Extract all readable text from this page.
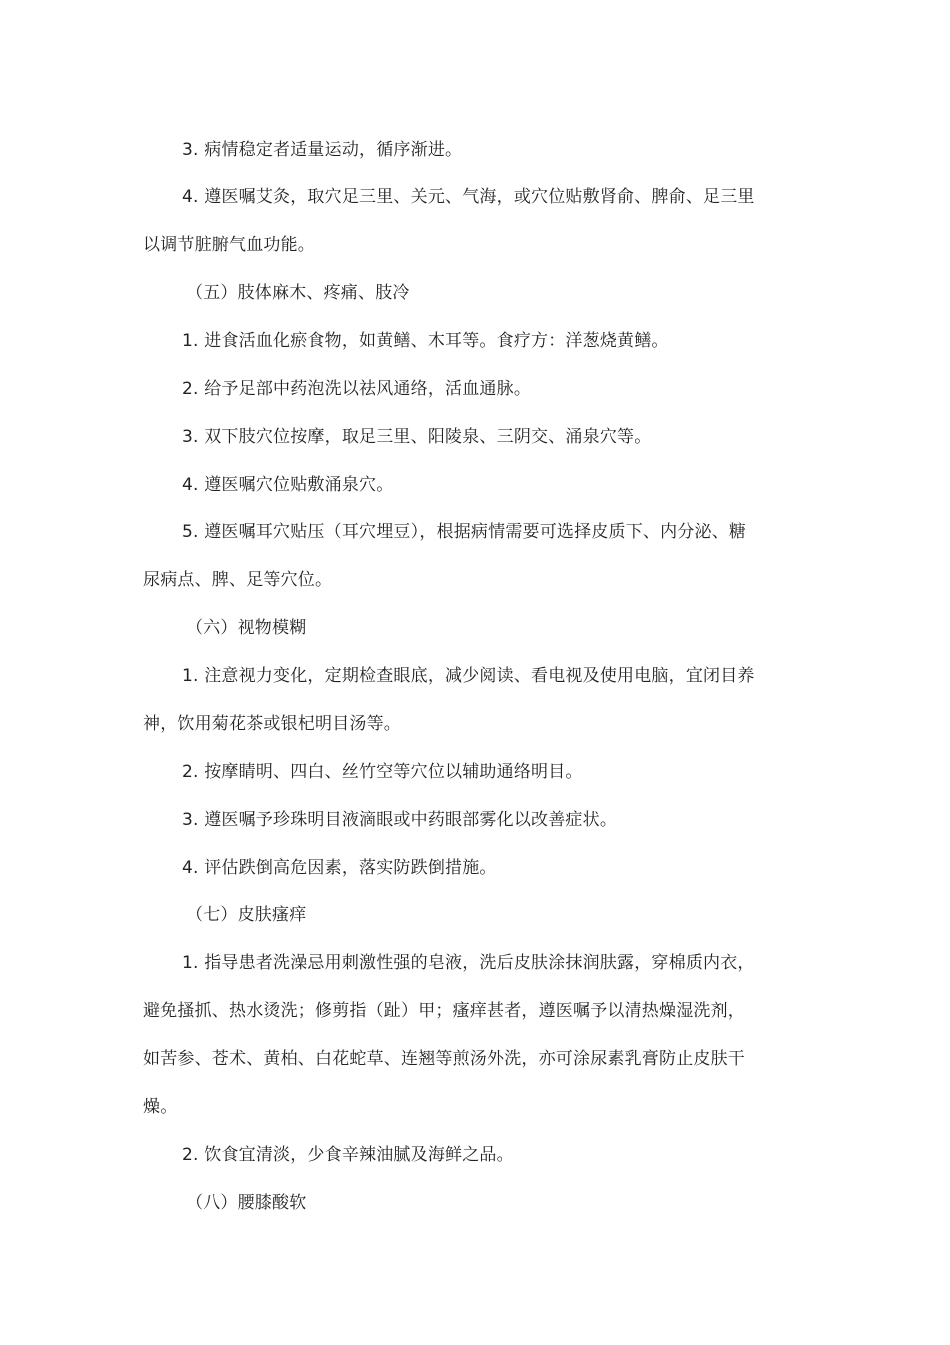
3. 病情稳定者适量运动，循序渐进。
4. 遵医嘱艾灸，取穴足三里、关元、气海，或穴位贴敷肾俞、脾俞、足三里
以调节脏腑气血功能。
（五）肢体麻木、疼痛、肢冷
1. 进食活血化瘀食物，如黄鳝、木耳等。食疗方：洋葱烧黄鳝。
2. 给予足部中药泡洗以祛风通络，活血通脉。
3. 双下肢穴位按摩，取足三里、阳陵泉、三阴交、涌泉穴等。
4. 遵医嘱穴位贴敷涌泉穴。
5. 遵医嘱耳穴贴压（耳穴埋豆），根据病情需要可选择皮质下、内分泌、糖
尿病点、脾、足等穴位。
（六）视物模糊
1. 注意视力变化，定期检查眼底，减少阅读、看电视及使用电脑，宜闭目养
神，饮用菊花茶或银杞明目汤等。
2. 按摩睛明、四白、丝竹空等穴位以辅助通络明目。
3. 遵医嘱予珍珠明目液滴眼或中药眼部雾化以改善症状。
4. 评估跌倒高危因素，落实防跌倒措施。
（七）皮肤瘙痒
1. 指导患者洗澡忌用刺激性强的皂液，洗后皮肤涂抹润肤露，穿棉质内衣，
避免搔抓、热水烫洗；修剪指（趾）甲；瘙痒甚者，遵医嘱予以清热燥湿洗剂，
如苦参、苍术、黄柏、白花蛇草、连翘等煎汤外洗，亦可涂尿素乳膏防止皮肤干
燥。
2. 饮食宜清淡，少食辛辣油腻及海鲜之品。
（八）腰膝酸软
